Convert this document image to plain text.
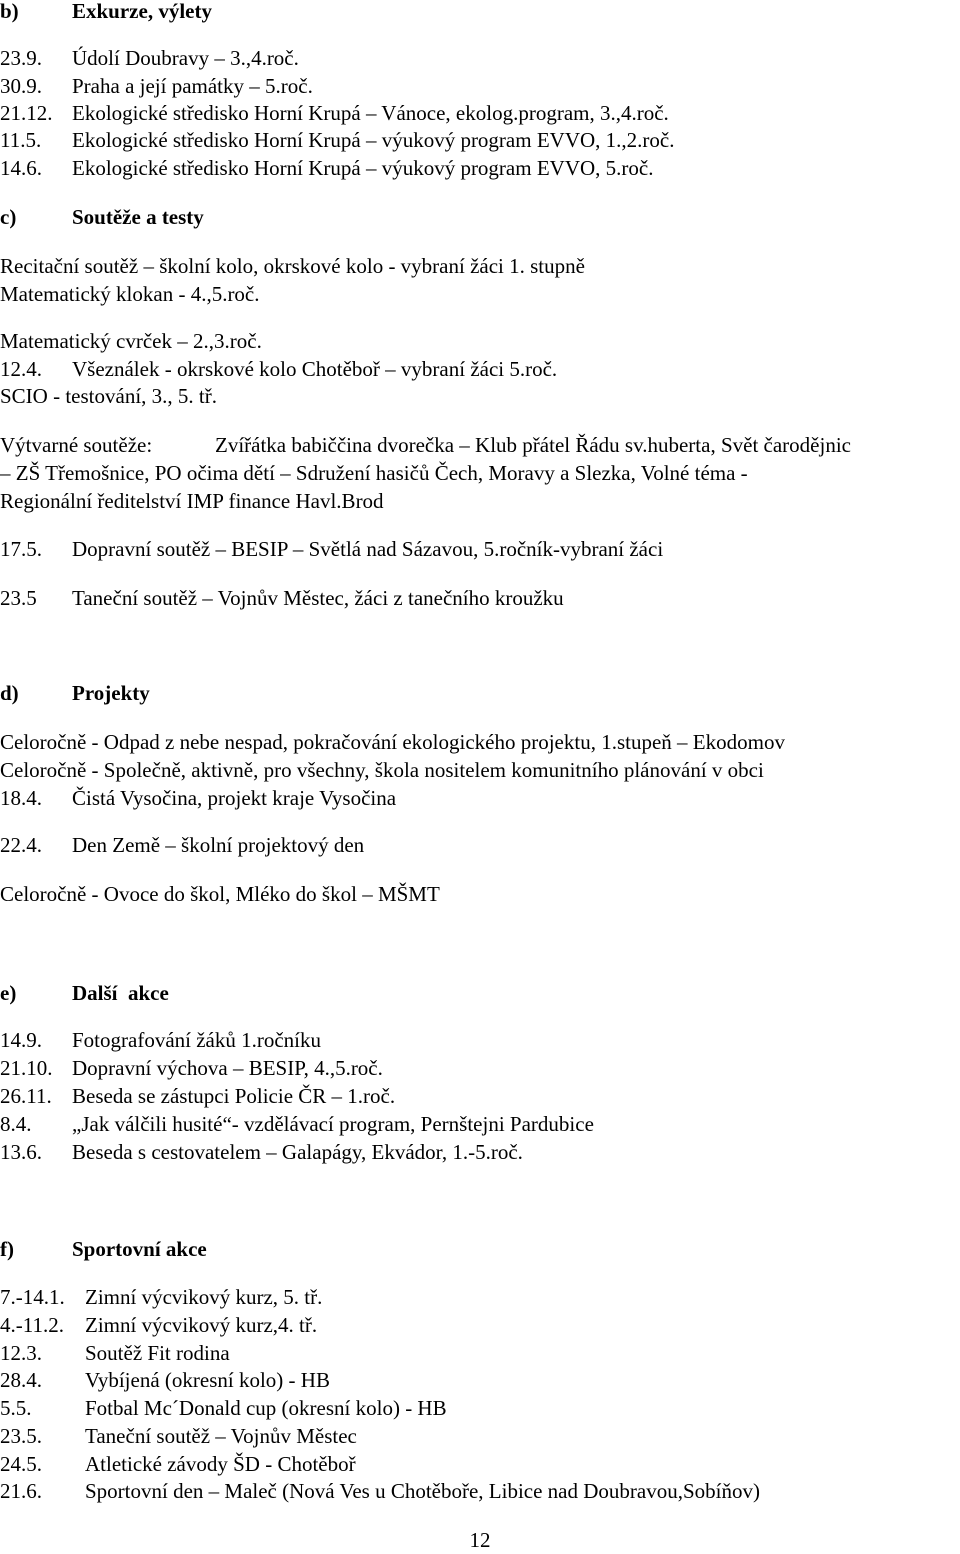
b)	Exkurze, výlety
23.9. Údolí Doubravy – 3.,4.roč.
30.9. Praha a její památky – 5.roč.
21.12. Ekologické středisko Horní Krupá – Vánoce, ekolog.program, 3.,4.roč.
11.5. Ekologické středisko Horní Krupá – výukový program EVVO, 1.,2.roč.
14.6. Ekologické středisko Horní Krupá – výukový program EVVO, 5.roč.
c)	Soutěže a testy
Recitační soutěž – školní kolo, okrskové kolo - vybraní žáci 1. stupně
Matematický klokan - 4.,5.roč.
Matematický cvrček – 2.,3.roč.
12.4. Všeználek - okrskové kolo Chotěboř – vybraní žáci 5.roč.
SCIO - testování, 3., 5. tř.
Výtvarné soutěže:	Zvířátka babiččina dvorečka – Klub přátel Řádu sv.huberta, Svět čarodějnic
– ZŠ Třemošnice, PO očima dětí – Sdružení hasičů Čech, Moravy a Slezka, Volné téma -
Regionální ředitelství IMP finance Havl.Brod
17.5. Dopravní soutěž – BESIP – Světlá nad Sázavou, 5.ročník-vybraní žáci
23.5 Taneční soutěž – Vojnův Městec, žáci z tanečního kroužku
d)	Projekty
Celoročně - Odpad z nebe nespad, pokračování ekologického projektu, 1.stupeň – Ekodomov
Celoročně - Společně, aktivně, pro všechny, škola nositelem komunitního plánování v obci
18.4. Čistá Vysočina, projekt kraje Vysočina
22.4. Den Země – školní projektový den
Celoročně - Ovoce do škol, Mléko do škol – MŠMT
e)	Další  akce
14.9. Fotografování žáků 1.ročníku
21.10. Dopravní výchova – BESIP, 4.,5.roč.
26.11. Beseda se zástupci Policie ČR – 1.roč.
8.4. „Jak válčili husité“- vzdělávací program, Pernštejni Pardubice
13.6. Beseda s cestovatelem – Galapágy, Ekvádor, 1.-5.roč.
f)	Sportovní akce
7.-14.1. Zimní výcvikový kurz, 5. tř.
4.-11.2. Zimní výcvikový kurz,4. tř.
12.3. Soutěž Fit rodina
28.4. Vybíjená (okresní kolo) - HB
5.5.	Fotbal Mc´Donald cup (okresní kolo) - HB
23.5. Taneční soutěž – Vojnův Městec
24.5. Atletické závody ŠD - Chotěboř
21.6. Sportovní den – Maleč (Nová Ves u Chotěboře, Libice nad Doubravou,Sobíňov)
12
